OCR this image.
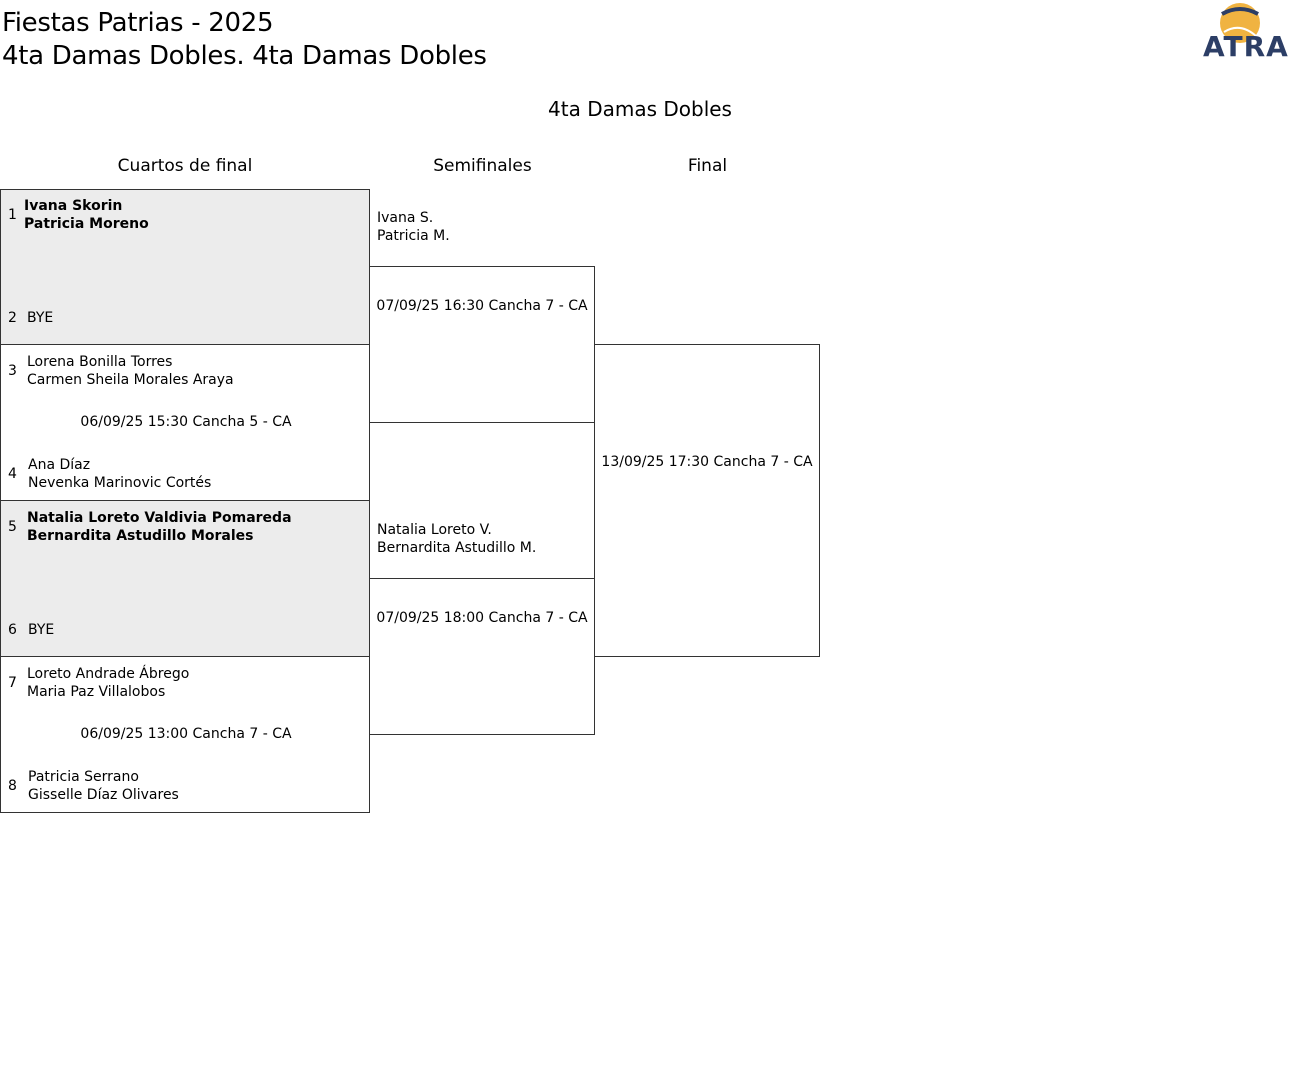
Fiestas Patrias - 2025
4ta Damas Dobles. 4ta Damas Dobles	ATRA
4ta Damas Dobles
Cuartos de final	Semifinales	Final
1
Ivana Skorin
Patricia Moreno
2 BYE
3
Lorena Bonilla Torres
Carmen Sheila Morales Araya
06/09/25 15:30 Cancha 5 - CA
4
Ana Díaz
Nevenka Marinovic Cortés
5
Natalia Loreto Valdivia Pomareda
Bernardita Astudillo Morales
6 BYE
7
Loreto Andrade Ábrego
Maria Paz Villalobos
06/09/25 13:00 Cancha 7 - CA
8
Patricia Serrano
Gisselle Díaz Olivares
Ivana S.
Patricia M.
07/09/25 16:30 Cancha 7 - CA
Natalia Loreto V.
Bernardita Astudillo M.
07/09/25 18:00 Cancha 7 - CA
13/09/25 17:30 Cancha 7 - CA
